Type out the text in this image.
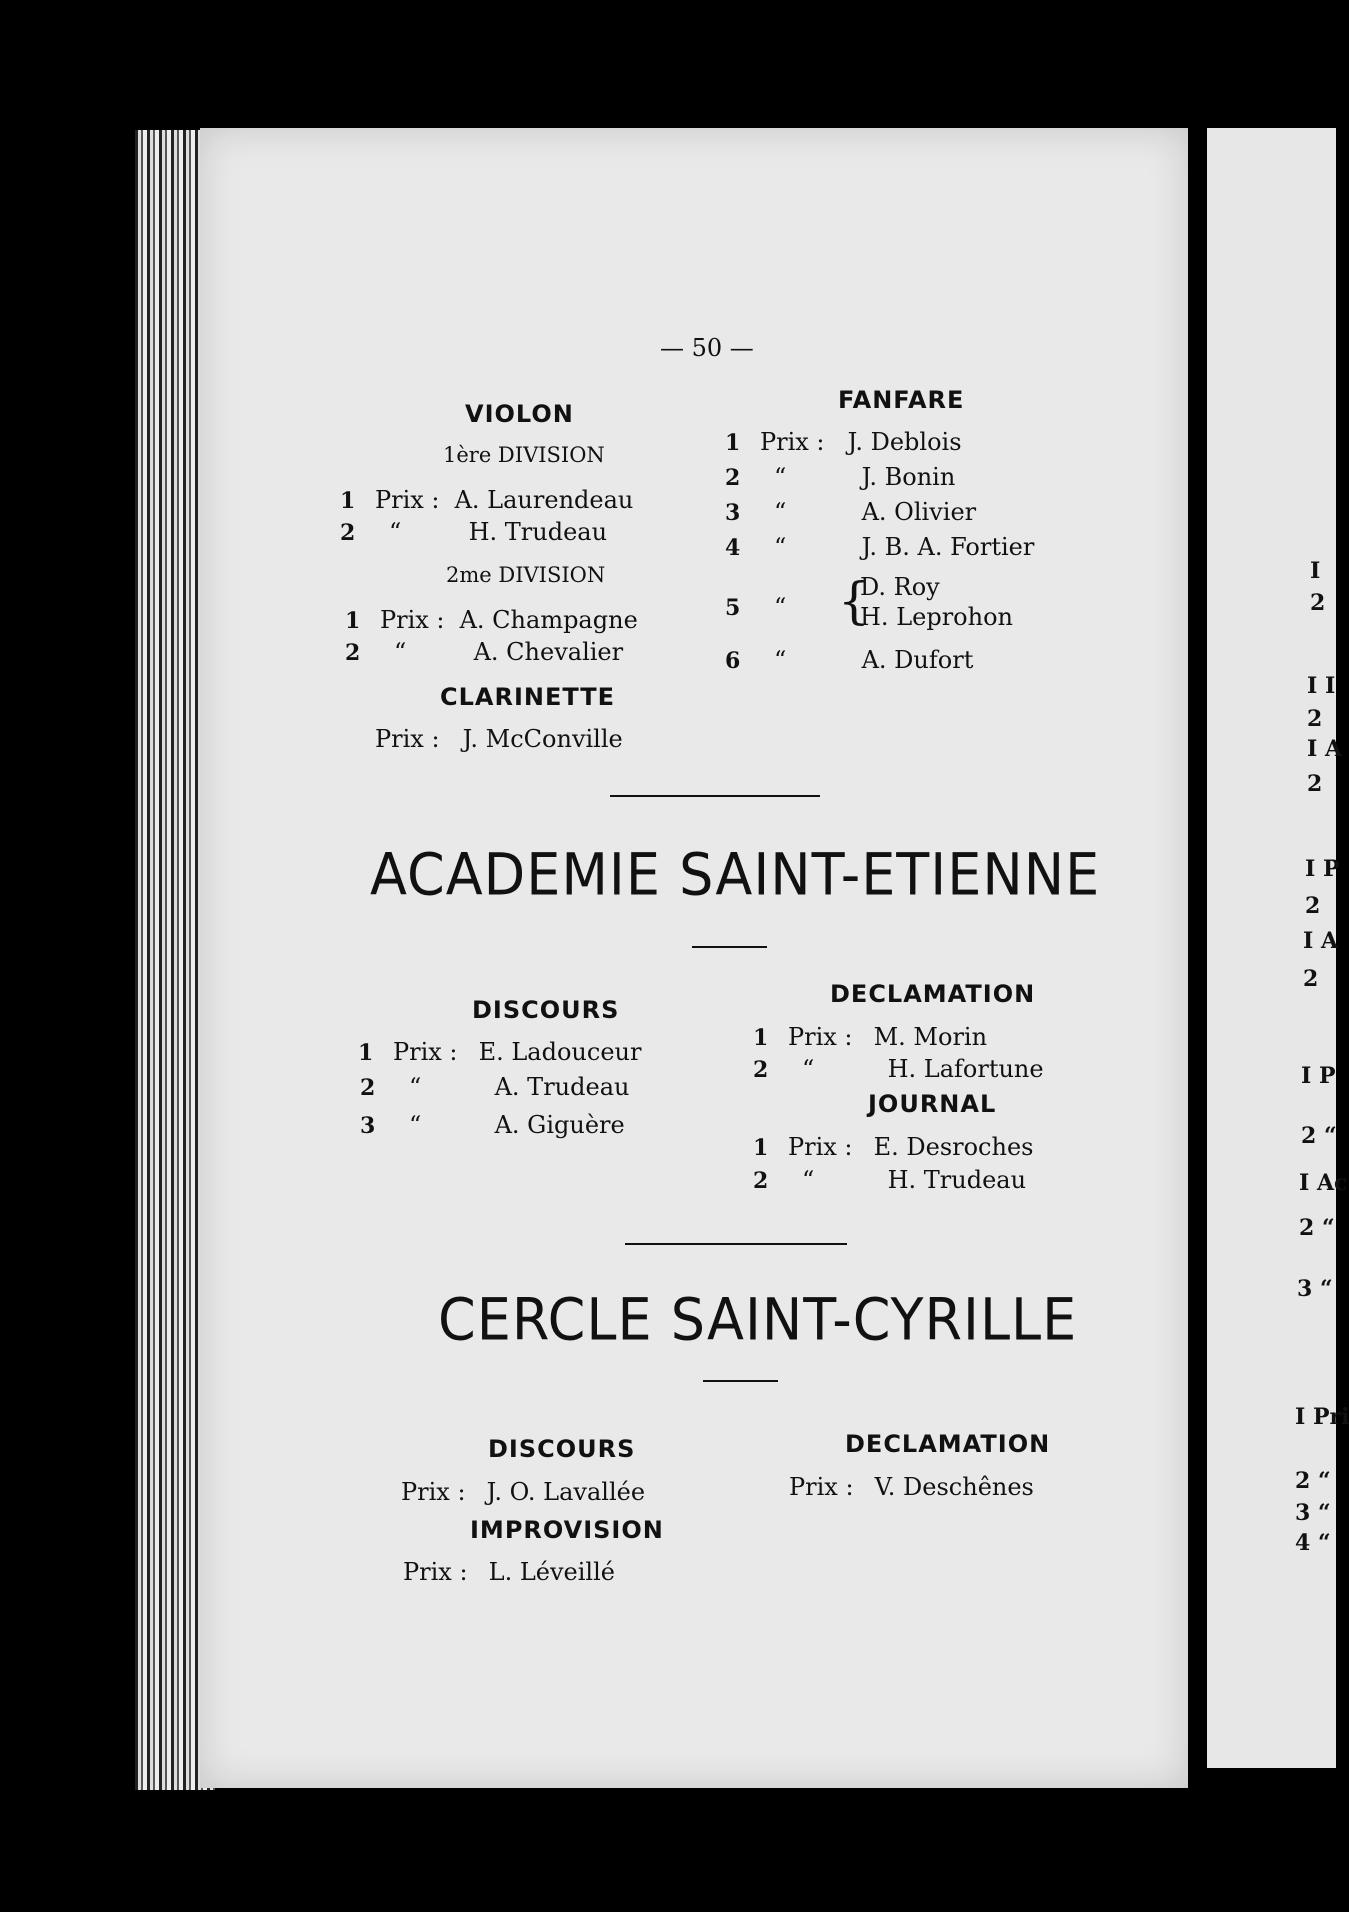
— 50 —
VIOLON
1ère DIVISION
1 Prix : A. Laurendeau
2 “	H. Trudeau
2me DIVISION
1 Prix : A. Champagne
2 “	A. Chevalier
CLARINETTE
Prix : J. McConville
FANFARE
1 Prix : J. Deblois
2 “	J. Bonin
3 “	A. Olivier
4 “	J. B. A. Fortier
5 “	{
D. Roy
H. Leprohon
6 “	A. Dufort
ACADEMIE SAINT-ETIENNE
DISCOURS
1 Prix : E. Ladouceur
2 “	A. Trudeau
3 “	A. Giguère
DECLAMATION
1 Prix : M. Morin
2 “	H. Lafortune
JOURNAL
1 Prix : E. Desroches
2 “	H. Trudeau
CERCLE SAINT-CYRILLE
DISCOURS
Prix : J. O. Lavallée
IMPROVISION
Prix : L. Léveillé
DECLAMATION
Prix : V. Deschênes
I
2
I I
2
I A
2
I P
2
I A
2
I P
2 “
I Ac
2 “
3 “
I Pri
2 “
3 “
4 “
